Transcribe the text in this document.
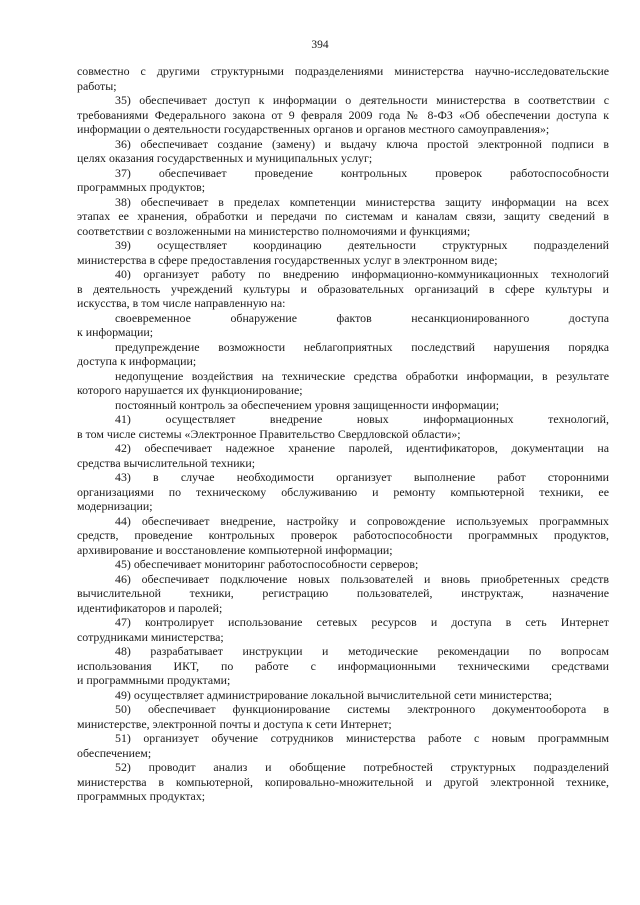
394
совместно с другими структурными подразделениями министерства научно-исследовательские
работы;
35) обеспечивает доступ к информации о деятельности министерства в соответствии с
требованиями Федерального закона от 9 февраля 2009 года № 8-ФЗ «Об обеспечении доступа к
информации о деятельности государственных органов и органов местного самоуправления»;
36) обеспечивает создание (замену) и выдачу ключа простой электронной подписи в
целях оказания государственных и муниципальных услуг;
37) обеспечивает проведение контрольных проверок работоспособности
программных продуктов;
38) обеспечивает в пределах компетенции министерства защиту информации на всех
этапах ее хранения, обработки и передачи по системам и каналам связи, защиту сведений в
соответствии с возложенными на министерство полномочиями и функциями;
39) осуществляет координацию деятельности структурных подразделений
министерства в сфере предоставления государственных услуг в электронном виде;
40) организует работу по внедрению информационно-коммуникационных технологий
в деятельность учреждений культуры и образовательных организаций в сфере культуры и
искусства, в том числе направленную на:
своевременное обнаружение фактов несанкционированного доступа
к информации;
предупреждение возможности неблагоприятных последствий нарушения порядка
доступа к информации;
недопущение воздействия на технические средства обработки информации, в результате
которого нарушается их функционирование;
постоянный контроль за обеспечением уровня защищенности информации;
41) осуществляет внедрение новых информационных технологий,
в том числе системы «Электронное Правительство Свердловской области»;
42) обеспечивает надежное хранение паролей, идентификаторов, документации на
средства вычислительной техники;
43) в случае необходимости организует выполнение работ сторонними
организациями по техническому обслуживанию и ремонту компьютерной техники, ее
модернизации;
44) обеспечивает внедрение, настройку и сопровождение используемых программных
средств, проведение контрольных проверок работоспособности программных продуктов,
архивирование и восстановление компьютерной информации;
45) обеспечивает мониторинг работоспособности серверов;
46) обеспечивает подключение новых пользователей и вновь приобретенных средств
вычислительной техники, регистрацию пользователей, инструктаж, назначение
идентификаторов и паролей;
47) контролирует использование сетевых ресурсов и доступа в сеть Интернет
сотрудниками министерства;
48) разрабатывает инструкции и методические рекомендации по вопросам
использования ИКТ, по работе с информационными техническими средствами
и программными продуктами;
49) осуществляет администрирование локальной вычислительной сети министерства;
50) обеспечивает функционирование системы электронного документооборота в
министерстве, электронной почты и доступа к сети Интернет;
51) организует обучение сотрудников министерства работе с новым программным
обеспечением;
52) проводит анализ и обобщение потребностей структурных подразделений
министерства в компьютерной, копировально-множительной и другой электронной технике,
программных продуктах;
